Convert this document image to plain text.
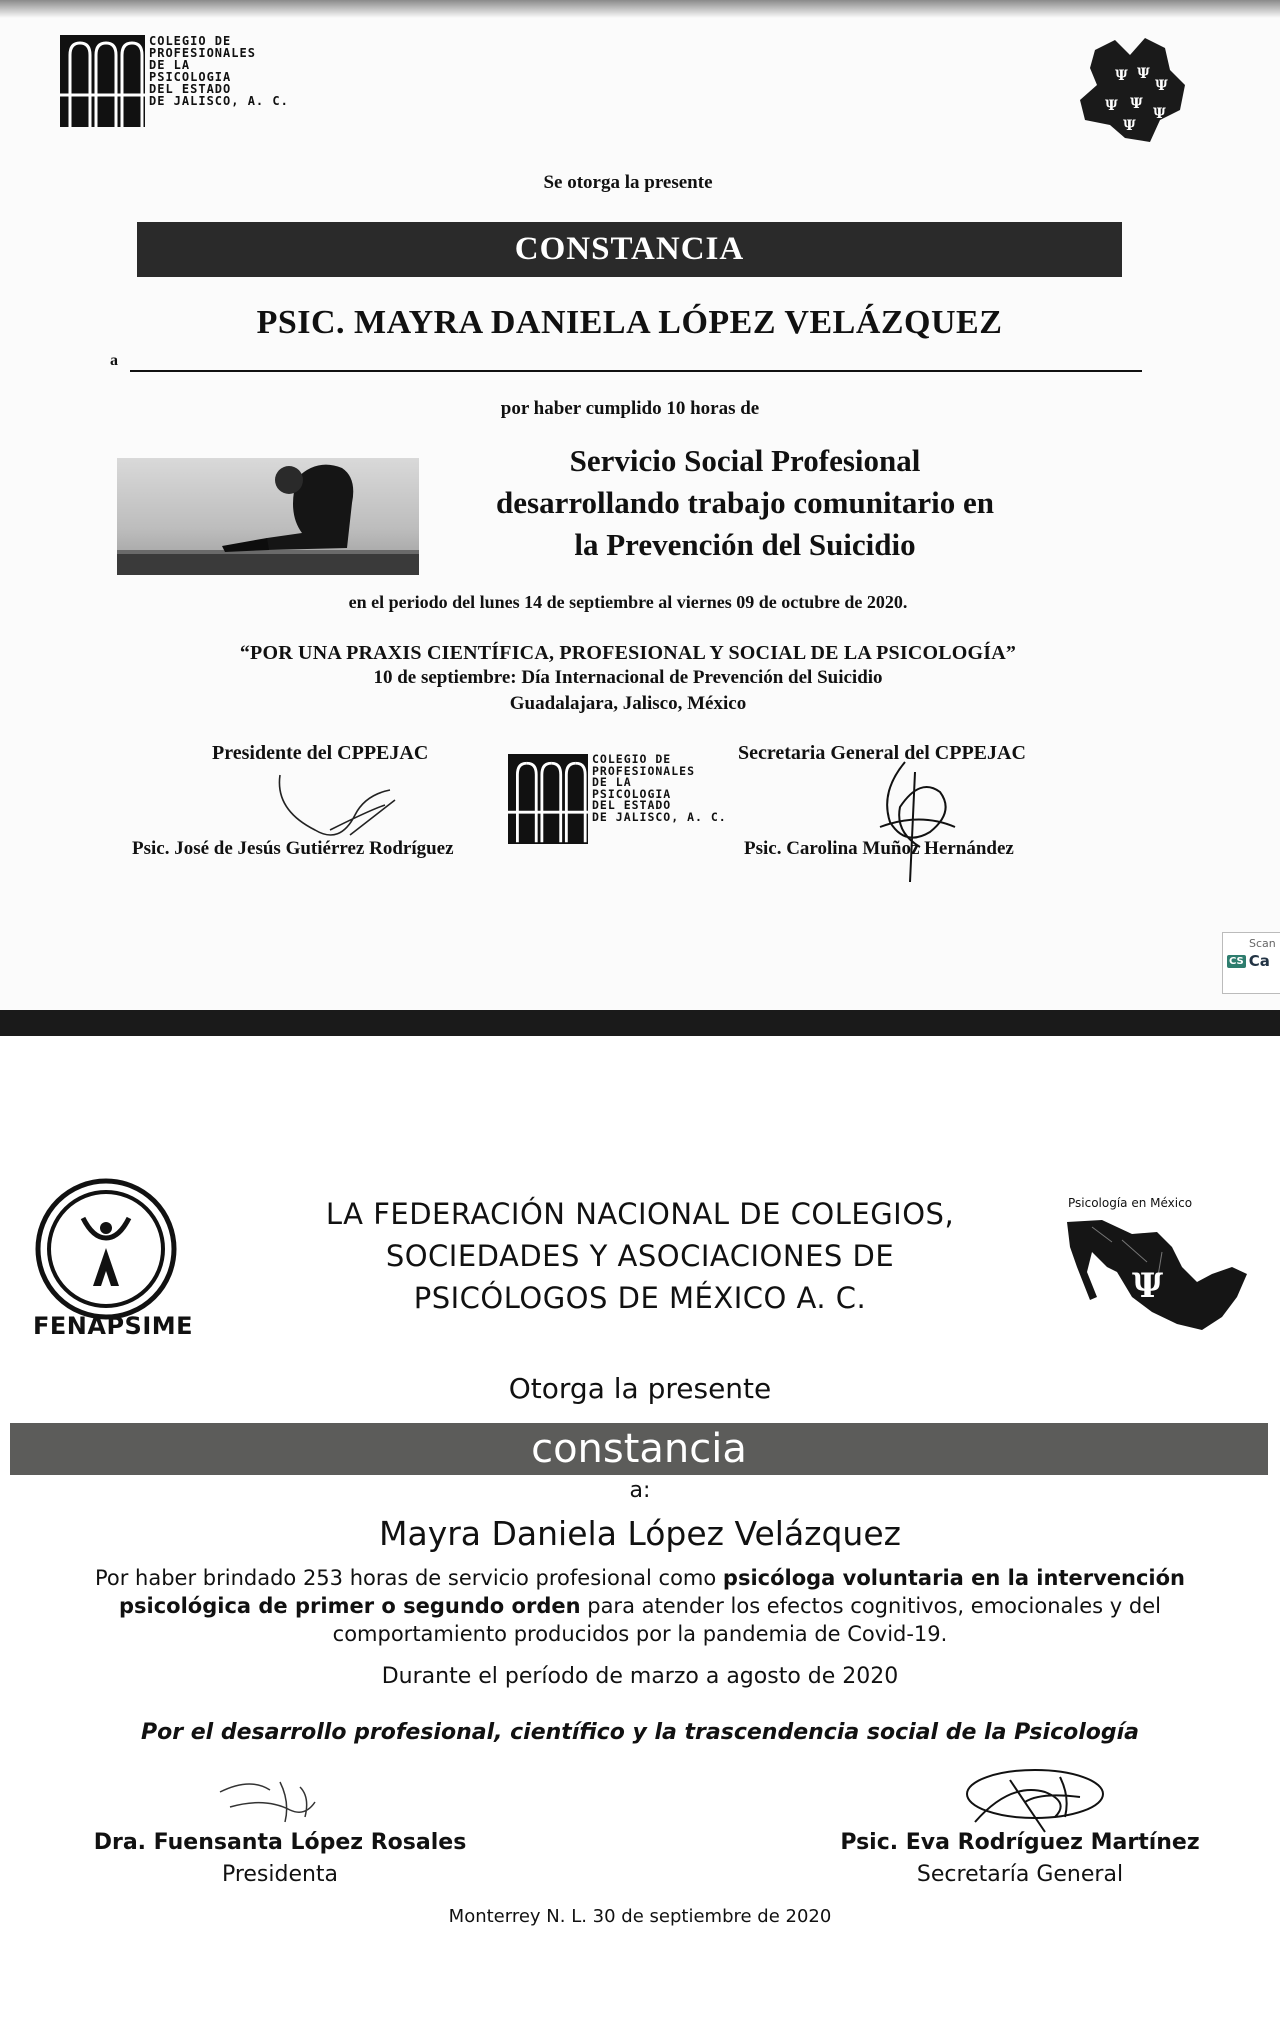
COLEGIO DE
PROFESIONALES
DE LA
PSICOLOGIA
DEL ESTADO
DE JALISCO, A. C.
Ψ Ψ
Ψ
Ψ Ψ
Ψ
Ψ
Se otorga la presente
CONSTANCIA
PSIC. MAYRA DANIELA LÓPEZ VELÁZQUEZ
a
por haber cumplido 10 horas de
Servicio Social Profesional
desarrollando trabajo comunitario en
la Prevención del Suicidio
en el periodo del lunes 14 de septiembre al viernes 09 de octubre de 2020.
“POR UNA PRAXIS CIENTÍFICA, PROFESIONAL Y SOCIAL DE LA PSICOLOGÍA”
10 de septiembre: Día Internacional de Prevención del Suicidio
Guadalajara, Jalisco, México
Presidente del CPPEJAC
Psic. José de Jesús Gutiérrez Rodríguez
COLEGIO DE
PROFESIONALES
DE LA
PSICOLOGIA
DEL ESTADO
DE JALISCO, A. C.
Secretaria General del CPPEJAC
Psic. Carolina Muñoz Hernández
Scan
CS Ca
FENAPSIME
LA FEDERACIÓN NACIONAL DE COLEGIOS,
SOCIEDADES Y ASOCIACIONES DE
PSICÓLOGOS DE MÉXICO A. C.
Psicología en México
Ψ
Otorga la presente
constancia
a:
Mayra Daniela López Velázquez
Por haber brindado 253 horas de servicio profesional como psicóloga voluntaria en la intervención
psicológica de primer o segundo orden para atender los efectos cognitivos, emocionales y del
comportamiento producidos por la pandemia de Covid-19.
Durante el período de marzo a agosto de 2020
Por el desarrollo profesional, científico y la trascendencia social de la Psicología
Dra. Fuensanta López Rosales
Presidenta
Psic. Eva Rodríguez Martínez
Secretaría General
Monterrey N. L. 30 de septiembre de 2020
